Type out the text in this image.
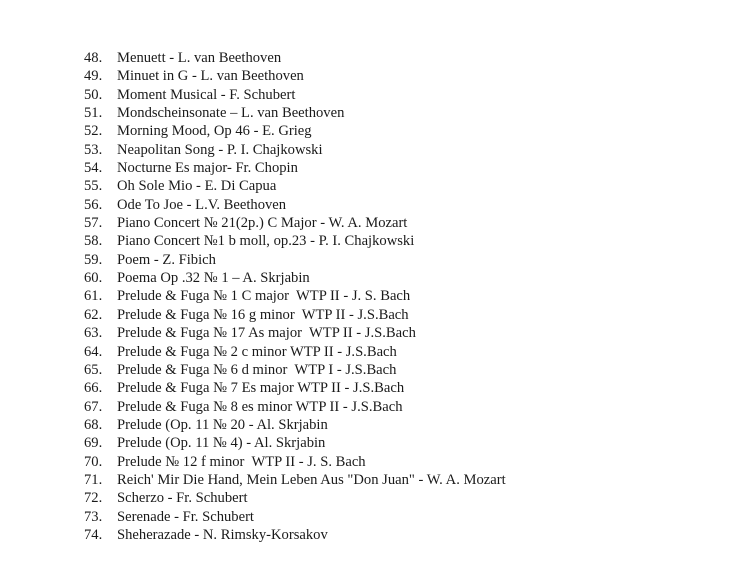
48.	Menuett - L. van Beethoven
49.	Minuet in G - L. van Beethoven
50.	Moment Musical - F. Schubert
51.	Mondscheinsonate – L. van Beethoven
52.	Morning Mood, Op 46 - E. Grieg
53.	Neapolitan Song - P. I. Chajkowski
54.	Nocturne Es major- Fr. Chopin
55.	Oh Sole Mio - E. Di Capua
56.	Ode To Joe - L.V. Beethoven
57.	Piano Concert № 21(2p.) C Major - W. A. Mozart
58.	Piano Concert №1 b moll, op.23 - P. I. Chajkowski
59.	Poem - Z. Fibich
60.	Poema Op .32 № 1 – A. Skrjabin
61.	Prelude & Fuga № 1 C major  WTP II - J. S. Bach
62.	Prelude & Fuga № 16 g minor  WTP II - J.S.Bach
63.	Prelude & Fuga № 17 As major  WTP II - J.S.Bach
64.	Prelude & Fuga № 2 c minor WTP II - J.S.Bach
65.	Prelude & Fuga № 6 d minor  WTP I - J.S.Bach
66.	Prelude & Fuga № 7 Es major WTP II - J.S.Bach
67.	Prelude & Fuga № 8 es minor WTP II - J.S.Bach
68.	Prelude (Op. 11 № 20 - Al. Skrjabin
69.	Prelude (Op. 11 № 4) - Al. Skrjabin
70.	Prelude № 12 f minor  WTP II - J. S. Bach
71.	Reich' Mir Die Hand, Mein Leben Aus "Don Juan" - W. A. Mozart
72.	Scherzo - Fr. Schubert
73.	Serenade - Fr. Schubert
74.	Sheherazade - N. Rimsky-Korsakov
